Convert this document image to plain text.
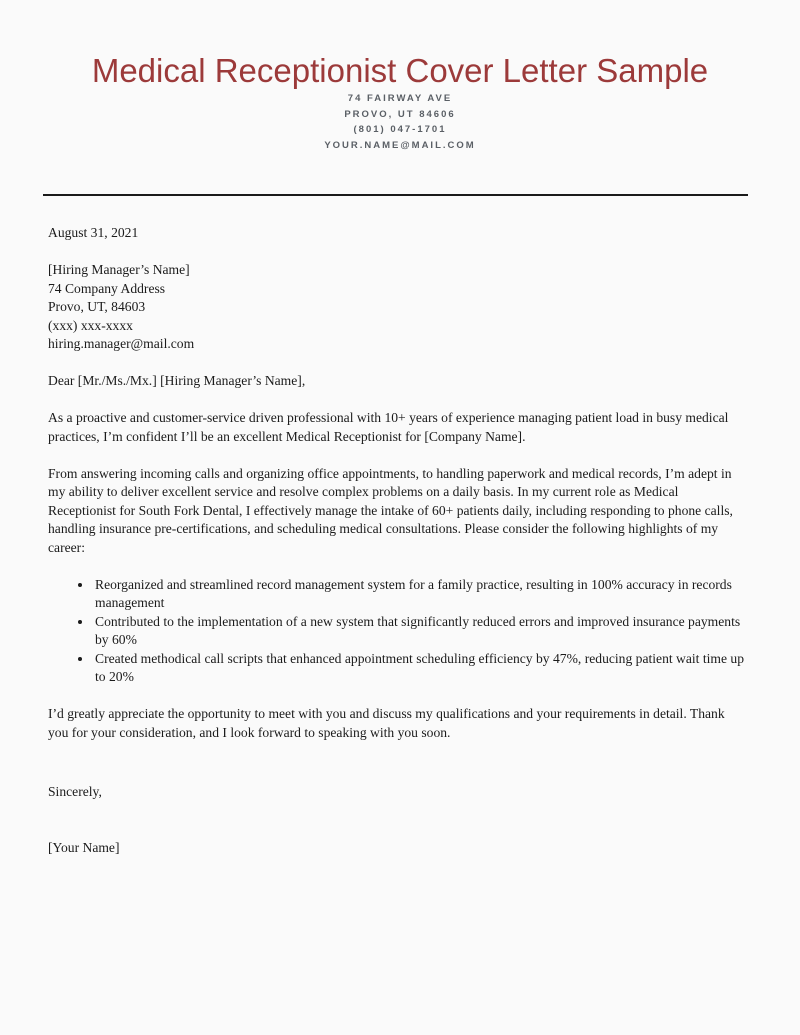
Medical Receptionist Cover Letter Sample
74 FAIRWAY AVE
PROVO, UT 84606
(801) 047-1701
YOUR.NAME@MAIL.COM

August 31, 2021

[Hiring Manager’s Name]
74 Company Address
Provo, UT, 84603
(xxx) xxx-xxxx
hiring.manager@mail.com

Dear [Mr./Ms./Mx.] [Hiring Manager’s Name],

As a proactive and customer-service driven professional with 10+ years of experience managing patient load in busy medical practices, I’m confident I’ll be an excellent Medical Receptionist for [Company Name].

From answering incoming calls and organizing office appointments, to handling paperwork and medical records, I’m adept in my ability to deliver excellent service and resolve complex problems on a daily basis. In my current role as Medical Receptionist for South Fork Dental, I effectively manage the intake of 60+ patients daily, including responding to phone calls, handling insurance pre-certifications, and scheduling medical consultations. Please consider the following highlights of my career:

• Reorganized and streamlined record management system for a family practice, resulting in 100% accuracy in records management
• Contributed to the implementation of a new system that significantly reduced errors and improved insurance payments by 60%
• Created methodical call scripts that enhanced appointment scheduling efficiency by 47%, reducing patient wait time up to 20%

I’d greatly appreciate the opportunity to meet with you and discuss my qualifications and your requirements in detail. Thank you for your consideration, and I look forward to speaking with you soon.

Sincerely,

[Your Name]
